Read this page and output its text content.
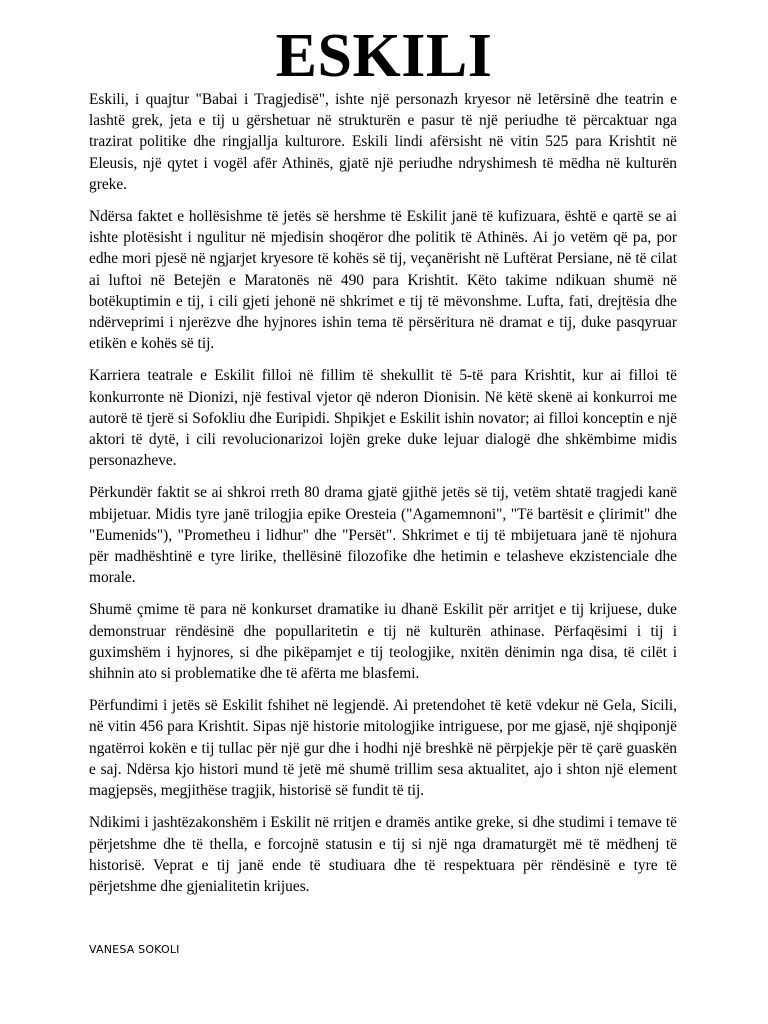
ESKILI

Eskili, i quajtur "Babai i Tragjedisë", ishte një personazh kryesor në letërsinë dhe teatrin e lashtë grek, jeta e tij u gërshetuar në strukturën e pasur të një periudhe të përcaktuar nga trazirat politike dhe ringjallja kulturore. Eskili lindi afërsisht në vitin 525 para Krishtit në Eleusis, një qytet i vogël afër Athinës, gjatë një periudhe ndryshimesh të mëdha në kulturën greke.

Ndërsa faktet e hollësishme të jetës së hershme të Eskilit janë të kufizuara, është e qartë se ai ishte plotësisht i ngulitur në mjedisin shoqëror dhe politik të Athinës. Ai jo vetëm që pa, por edhe mori pjesë në ngjarjet kryesore të kohës së tij, veçanërisht në Luftërat Persiane, në të cilat ai luftoi në Betejën e Maratonës në 490 para Krishtit. Këto takime ndikuan shumë në botëkuptimin e tij, i cili gjeti jehonë në shkrimet e tij të mëvonshme. Lufta, fati, drejtësia dhe ndërveprimi i njerëzve dhe hyjnores ishin tema të përsëritura në dramat e tij, duke pasqyruar etikën e kohës së tij.

Karriera teatrale e Eskilit filloi në fillim të shekullit të 5-të para Krishtit, kur ai filloi të konkurronte në Dionizi, një festival vjetor që nderon Dionisin. Në këtë skenë ai konkurroi me autorë të tjerë si Sofokliu dhe Euripidi. Shpikjet e Eskilit ishin novator; ai filloi konceptin e një aktori të dytë, i cili revolucionarizoi lojën greke duke lejuar dialogë dhe shkëmbime midis personazheve.

Përkundër faktit se ai shkroi rreth 80 drama gjatë gjithë jetës së tij, vetëm shtatë tragjedi kanë mbijetuar. Midis tyre janë trilogjia epike Oresteia ("Agamemnoni", "Të bartësit e çlirimit" dhe "Eumenids"), "Prometheu i lidhur" dhe "Persët". Shkrimet e tij të mbijetuara janë të njohura për madhështinë e tyre lirike, thellësinë filozofike dhe hetimin e telasheve ekzistenciale dhe morale.

Shumë çmime të para në konkurset dramatike iu dhanë Eskilit për arritjet e tij krijuese, duke demonstruar rëndësinë dhe popullaritetin e tij në kulturën athinase. Përfaqësimi i tij i guximshëm i hyjnores, si dhe pikëpamjet e tij teologjike, nxitën dënimin nga disa, të cilët i shihnin ato si problematike dhe të afërta me blasfemi.

Përfundimi i jetës së Eskilit fshihet në legjendë. Ai pretendohet të ketë vdekur në Gela, Sicili, në vitin 456 para Krishtit. Sipas një historie mitologjike intriguese, por me gjasë, një shqiponjë ngatërroi kokën e tij tullac për një gur dhe i hodhi një breshkë në përpjekje për të çarë guaskën e saj. Ndërsa kjo histori mund të jetë më shumë trillim sesa aktualitet, ajo i shton një element magjepsës, megjithëse tragjik, historisë së fundit të tij.

Ndikimi i jashtëzakonshëm i Eskilit në rritjen e dramës antike greke, si dhe studimi i temave të përjetshme dhe të thella, e forcojnë statusin e tij si një nga dramaturgët më të mëdhenj të historisë. Veprat e tij janë ende të studiuara dhe të respektuara për rëndësinë e tyre të përjetshme dhe gjenialitetin krijues.

VANESA SOKOLI
